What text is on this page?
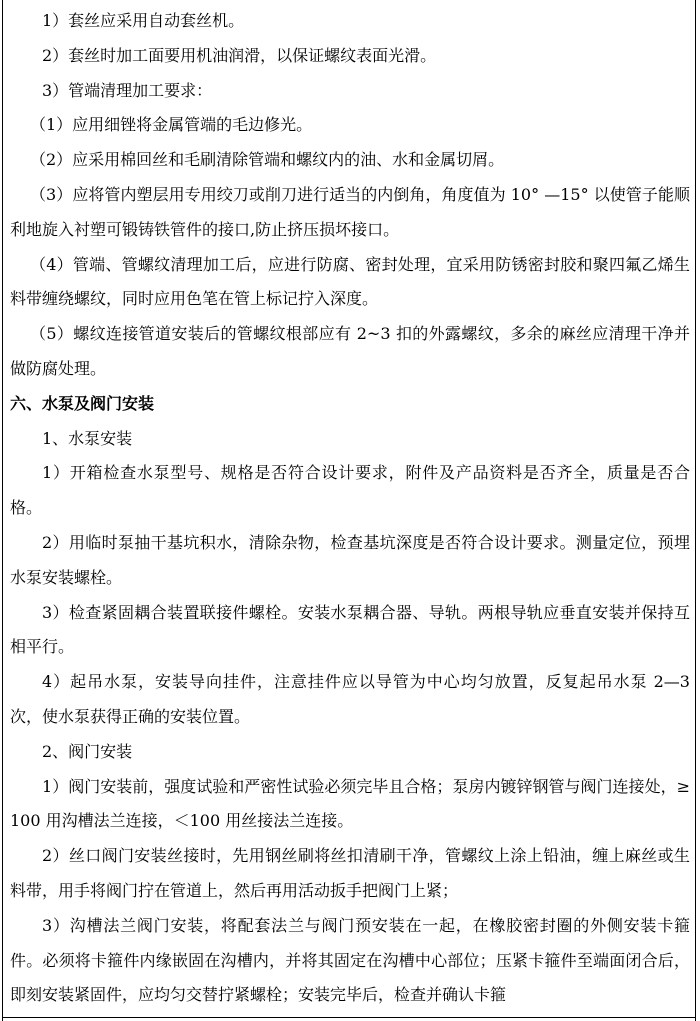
1）套丝应采用自动套丝机。

2）套丝时加工面要用机油润滑，以保证螺纹表面光滑。

3）管端清理加工要求：

（1）应用细锉将金属管端的毛边修光。

（2）应采用棉回丝和毛刷清除管端和螺纹内的油、水和金属切屑。

（3）应将管内塑层用专用绞刀或削刀进行适当的内倒角，角度值为 10° —15° 以使管子能顺利地旋入衬塑可锻铸铁管件的接口,防止挤压损坏接口。

（4）管端、管螺纹清理加工后，应进行防腐、密封处理，宜采用防锈密封胶和聚四氟乙烯生料带缠绕螺纹，同时应用色笔在管上标记拧入深度。

（5）螺纹连接管道安装后的管螺纹根部应有 2~3 扣的外露螺纹，多余的麻丝应清理干净并做防腐处理。

六、水泵及阀门安装

1、水泵安装

1）开箱检查水泵型号、规格是否符合设计要求，附件及产品资料是否齐全，质量是否合格。

2）用临时泵抽干基坑积水，清除杂物，检查基坑深度是否符合设计要求。测量定位，预埋水泵安装螺栓。

3）检查紧固耦合装置联接件螺栓。安装水泵耦合器、导轨。两根导轨应垂直安装并保持互相平行。

4）起吊水泵，安装导向挂件，注意挂件应以导管为中心均匀放置，反复起吊水泵 2—3 次，使水泵获得正确的安装位置。

2、阀门安装

1）阀门安装前，强度试验和严密性试验必须完毕且合格；泵房内镀锌钢管与阀门连接处，≥100 用沟槽法兰连接，＜100 用丝接法兰连接。

2）丝口阀门安装丝接时，先用钢丝刷将丝扣清刷干净，管螺纹上涂上铅油，缠上麻丝或生料带，用手将阀门拧在管道上，然后再用活动扳手把阀门上紧；

3）沟槽法兰阀门安装，将配套法兰与阀门预安装在一起，在橡胶密封圈的外侧安装卡箍件。必须将卡箍件内缘嵌固在沟槽内，并将其固定在沟槽中心部位；压紧卡箍件至端面闭合后，即刻安装紧固件，应均匀交替拧紧螺栓；安装完毕后，检查并确认卡箍
